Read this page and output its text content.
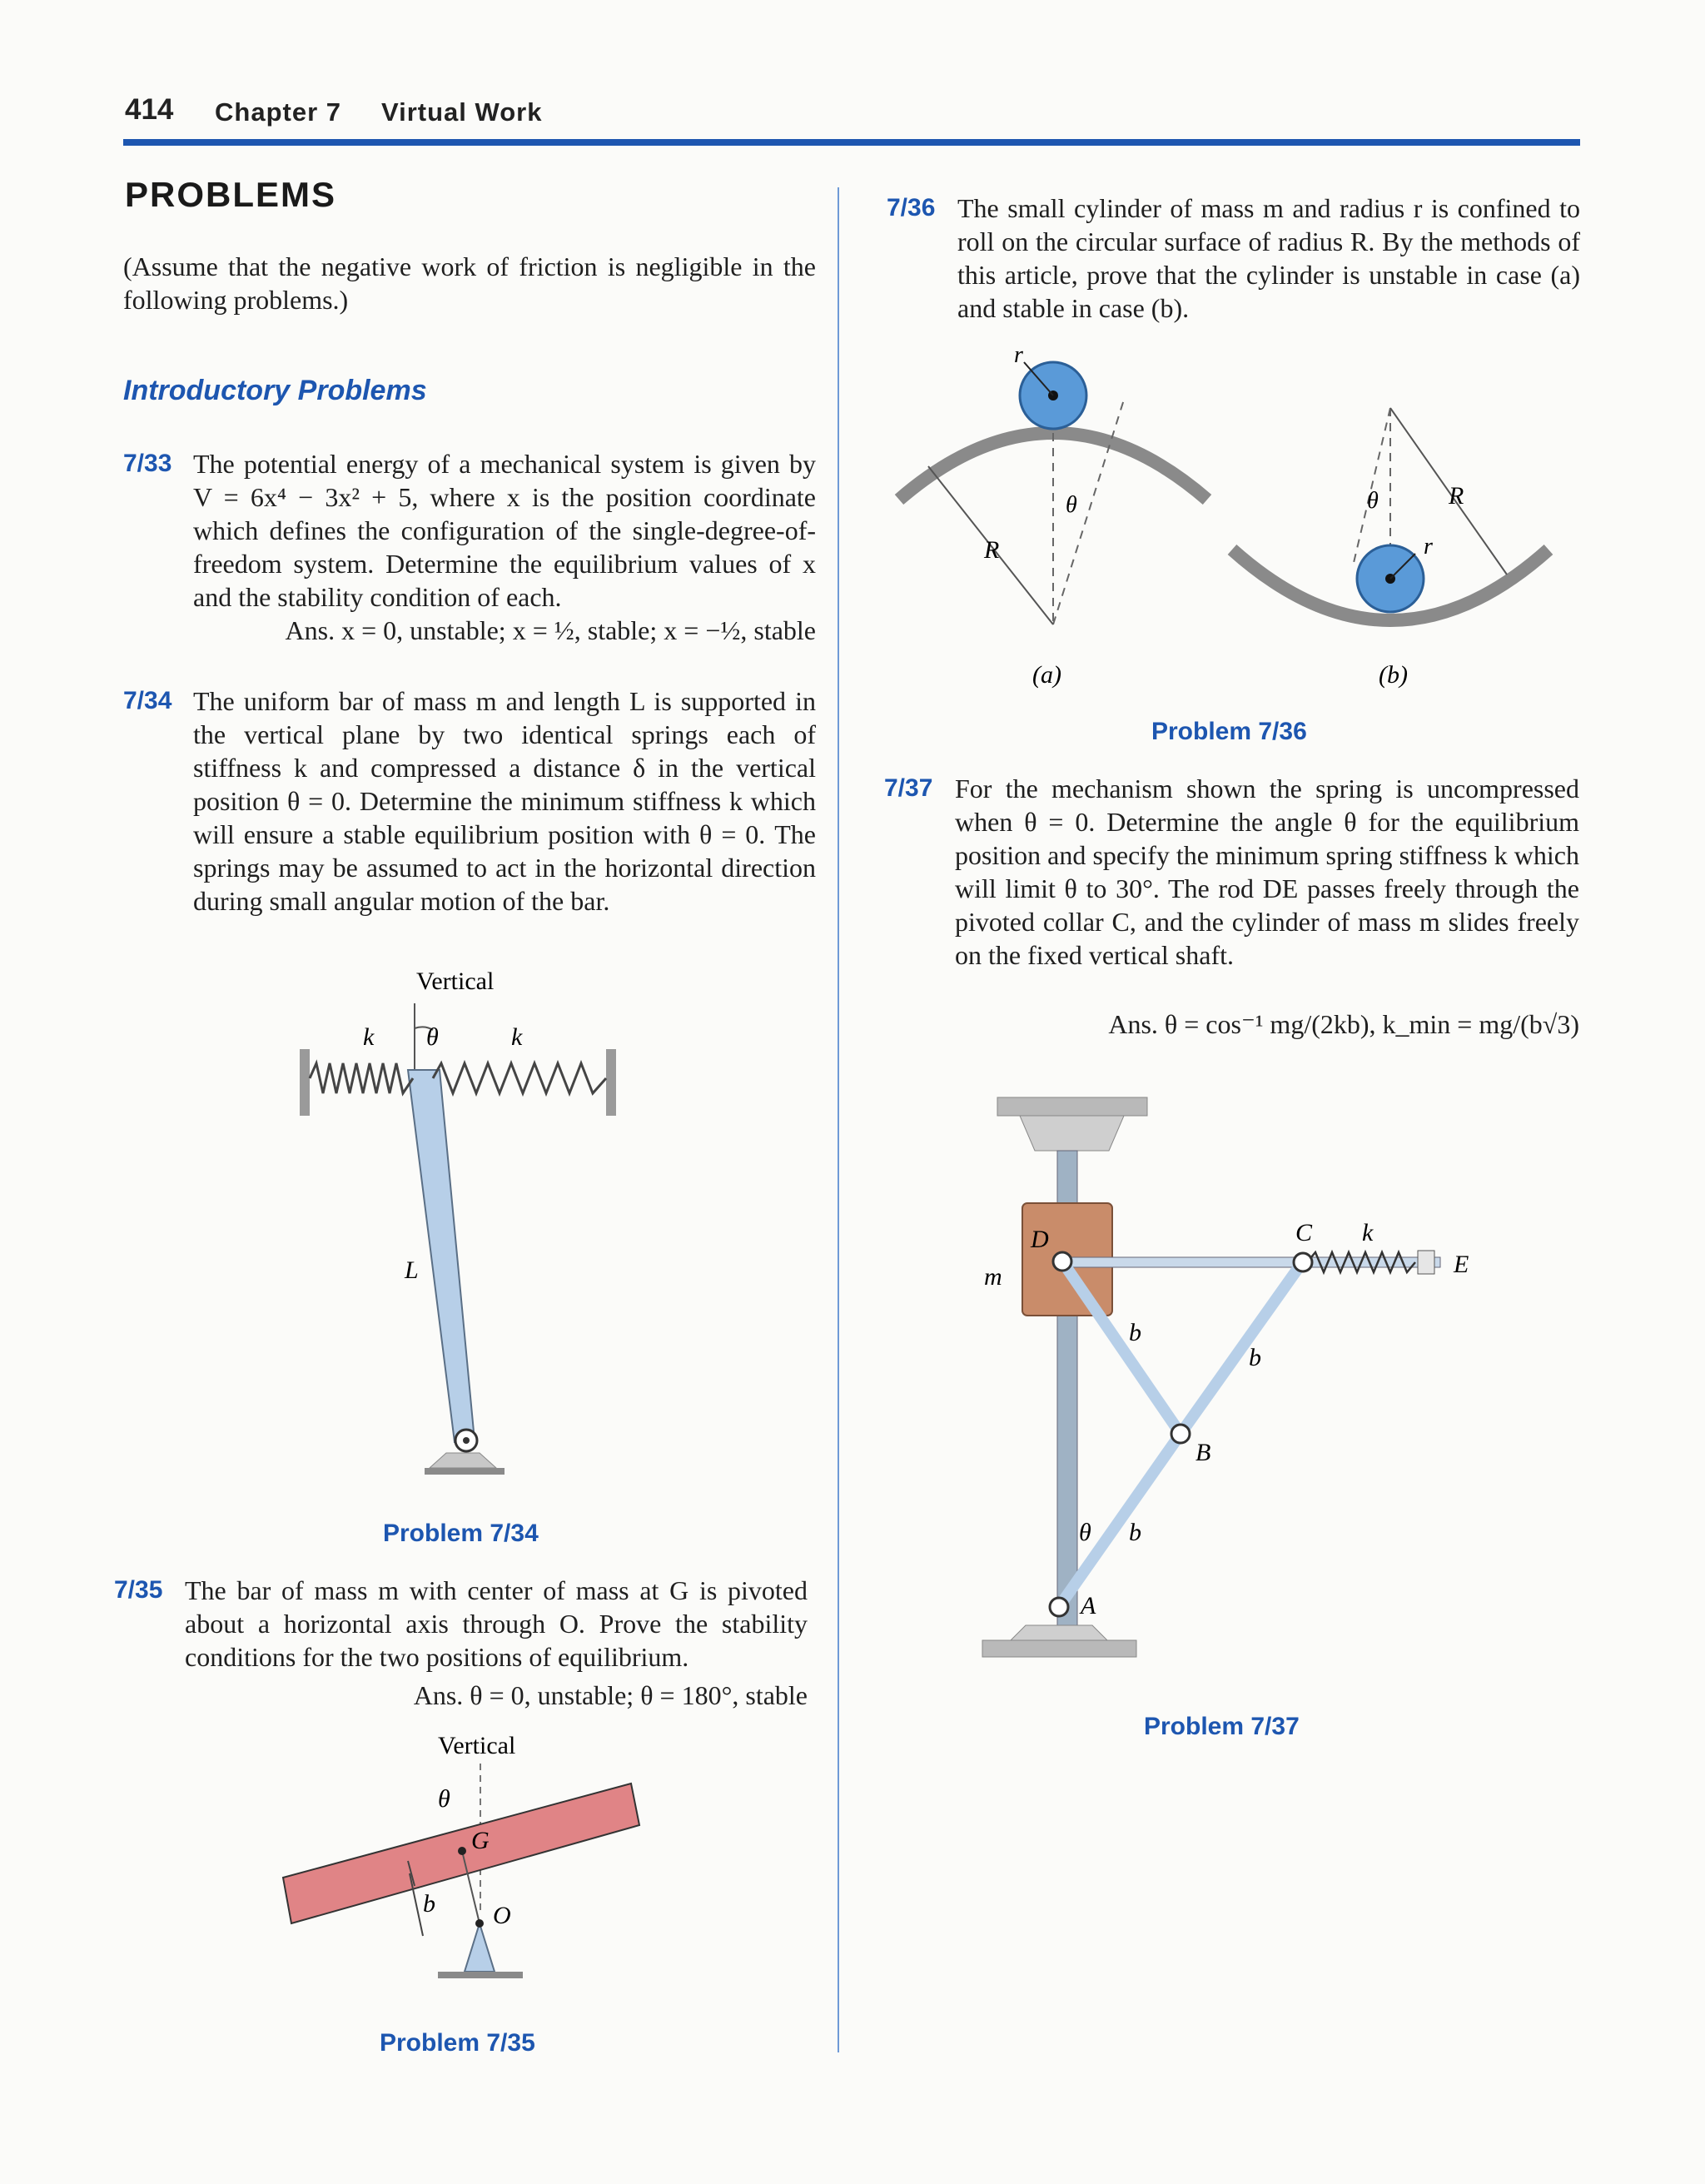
414 Chapter 7 Virtual Work
PROBLEMS
(Assume that the negative work of friction is negligible in the following problems.)
Introductory Problems
7/33 The potential energy of a mechanical system is given by V = 6x⁴ − 3x² + 5, where x is the position coordinate which defines the configuration of the single-degree-of-freedom system. Determine the equilibrium values of x and the stability condition of each.
Ans. x = 0, unstable; x = ½, stable; x = −½, stable
7/34 The uniform bar of mass m and length L is supported in the vertical plane by two identical springs each of stiffness k and compressed a distance δ in the vertical position θ = 0. Determine the minimum stiffness k which will ensure a stable equilibrium position with θ = 0. The springs may be assumed to act in the horizontal direction during small angular motion of the bar.
Vertical
k θ	k
L
Problem 7/34
7/35 The bar of mass m with center of mass at G is pivoted about a horizontal axis through O. Prove the stability conditions for the two positions of equilibrium.
Ans. θ = 0, unstable; θ = 180°, stable
Vertical
θ
G
O
b
Problem 7/35
7/36 The small cylinder of mass m and radius r is confined to roll on the circular surface of radius R. By the methods of this article, prove that the cylinder is unstable in case (a) and stable in case (b).
r
θ
R
(a)
r
θ	R
(b)
Problem 7/36
7/37 For the mechanism shown the spring is uncompressed when θ = 0. Determine the angle θ for the equilibrium position and specify the minimum spring stiffness k which will limit θ to 30°. The rod DE passes freely through the pivoted collar C, and the cylinder of mass m slides freely on the fixed vertical shaft.
Ans. θ = cos⁻¹ mg/(2kb), k_min = mg/(b√3)
D
m
C k
E
b
b
B
θ b
A
Problem 7/37
